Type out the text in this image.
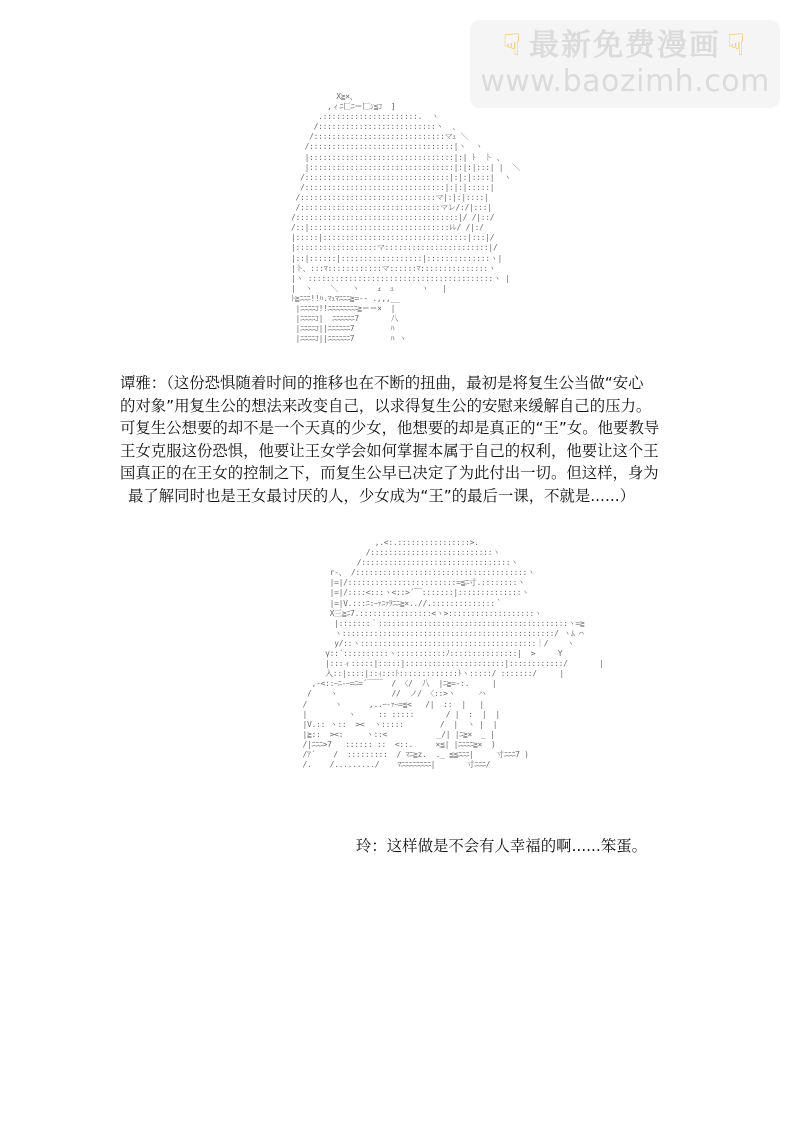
☟ 最新免费漫画 ☟
www.baozimh.com
X≧×、
,ィﾆ匚ﾆ＝匚ﾝ≦ｺ  ]
.:::::::::::::::::::::.  ヽ
/::::::::::::::::::::::::::ヽ  、
/:::::::::::::::::::::::::::::マｭ ＼
/::::::::::::::::::::::::::::::::|ヽ  ヽ
|::::::::::::::::::::::::::::::::|:| ﾄ  ト 、
|::::::::::::::::::::::::::::::::|:|:|:::| |  ＼
/::::::::::::::::::::::::::::::::|:|:|::::|  ヽ
/:::::::::::::::::::::::::::::::|:|:|:::::|
/::::::::::::::::::::::::::::::マ|:|:|::::|
/:::::::::::::::::::::::::::::::マレ/:/|:::|
/::::::::::::::::::::::::::::::::::::|/ /|::/
/::|:::::::::::::::::::::::::::::::ﾚﾚ/ /|:/
|:::::|::::::::::::::::::::::::::::::::|:::|/
|::::::::::::::::::マ:::::::::::::::::::::::|/
|::|::::::|::::::::::::::::::|::::::::::::::ヽ|
|ト、:::ﾏ::::::::::::マ::::::ﾏ:::::::::::::::ヽ
|ヽ :::::::::::::::::::::::::::::::::::::::::ヽ |
|  ヽ    ＼   ヽ    ｪ  ｭ      ヽ   |
ﾄ≧ﾆﾆﾆ!!ﾊ.ﾏｭﾏﾆﾆﾆ≧=-- .,,,__
|ﾆﾆﾆﾆｺ!!ﾆﾆﾆﾆﾆﾆﾆﾆ≧＝＝×  |
|ﾆﾆﾆﾆｺ|  ﾆﾆﾆﾆﾆﾆ7       八
|ﾆﾆﾆﾆｺ||ﾆﾆﾆﾆﾆﾆ7        ﾊ
|ﾆﾆﾆﾆｺ||ﾆﾆﾆﾆﾆﾆ7        ﾊ ヽ
谭雅：（这份恐惧随着时间的推移也在不断的扭曲，最初是将复生公当做“安心
的对象”用复生公的想法来改变自己，以求得复生公的安慰来缓解自己的压力。
可复生公想要的却不是一个天真的少女，他想要的却是真正的“王”女。他要教导
王女克服这份恐惧，他要让王女学会如何掌握本属于自己的权利，他要让这个王
国真正的在王女的控制之下，而复生公早已决定了为此付出一切。但这样，身为
最了解同时也是王女最讨厌的人，少女成为“王”的最后一课，不就是......）
,.<:.::::::::::::::::>.
/:::::::::::::::::::::::::::ヽ
/:::::::::::::::::::::::::::::::::ヽ
r‐、 /::::::::::::::::::::::::::::::::::::::ヽ
|=|/::::::::::::::::::::::::=≦ﾆ寸.::::::::ヽ
|=|/::::<:::ヽ<::>´￣:::::::|::::::::::::::ヽ
|=|V.:::ﾆ:ｰｧﾆｧｦﾆﾆ≧×..//.::::::::::::::｀
X三≧ﾆ7.::::::::::::::::<ヽ>:::::::::::::::::::ヽ
|:::::::｀::::::::::::::::::::::::::::::::::::::::::ヽ=≧
ヽ:::::::::::::::::::::::::::::::::::::::::::::::/ ヽﾑ ⌒
y/::ヽ:::::::::::::::::::::::::::::::::::::::｜/    ヽ
γ::´::::::::::ヽ:::::::::::ﾉ:::::::::::::::|  >     Y
|:::ィ:::::|:::::|::::::::::::::::::::::|::::::::::::/       |
入::|::::|::ｨ:::ﾄ:::::::::::::ﾄヽ:::::/ :::::::/     |
,‐<::ｰﾆ‐ｰ=ﾆ=´￣￣  / 〈/  八  |ﾆ≧=‐:.     |
/    ヽ            //  ノ/ 〈::>ヽ     ハ
/      ヽ      ,..ｰ‐ｧｰ=≦<   /|  ::  |   |
|         ヽ     :: :::::       / |  :  |  |
|V.:: ヽ::  ><  ヽ:::::        /  |  ヽ |  |
|≧::  ><:     ヽ::<           _/| |ﾆ≧×  _ |
/|ﾆﾆﾆ>7   :::::: ::  <::.     ×≦| |ﾆﾆﾆﾆ≧×  )
/ｱ´    /  :::::::::  / ﾏﾆ≧z.  ._ ≦≦ﾆﾆﾆ|     寸ﾆﾆﾆ7 )
/.    /........./    ﾏﾆﾆﾆﾆﾆﾆﾆﾆ|       寸ﾆﾆﾆ/
玲：这样做是不会有人幸福的啊......笨蛋。
